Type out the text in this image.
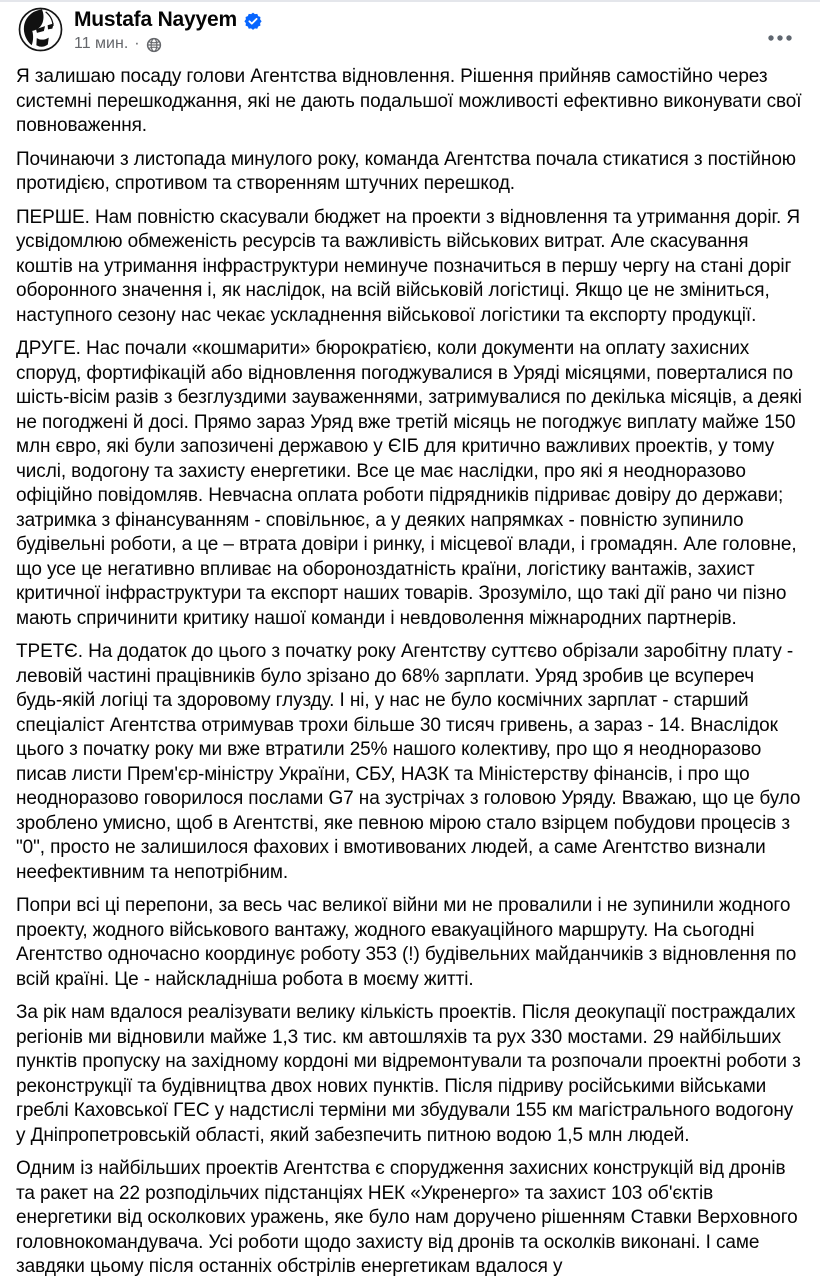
Mustafa Nayyem
11 мин. ·

Я залишаю посаду голови Агентства відновлення. Рішення прийняв самостійно через системні перешкоджання, які не дають подальшої можливості ефективно виконувати свої повноваження.

Починаючи з листопада минулого року, команда Агентства почала стикатися з постійною протидією, спротивом та створенням штучних перешкод.

ПЕРШЕ. Нам повністю скасували бюджет на проекти з відновлення та утримання доріг. Я усвідомлюю обмеженість ресурсів та важливість військових витрат. Але скасування коштів на утримання інфраструктури неминуче позначиться в першу чергу на стані доріг оборонного значення і, як наслідок, на всій військовій логістиці. Якщо це не зміниться, наступного сезону нас чекає ускладнення військової логістики та експорту продукції.

ДРУГЕ. Нас почали «кошмарити» бюрократією, коли документи на оплату захисних споруд, фортифікацій або відновлення погоджувалися в Уряді місяцями, поверталися по шість-вісім разів з безглуздими зауваженнями, затримувалися по декілька місяців, а деякі не погоджені й досі. Прямо зараз Уряд вже третій місяць не погоджує виплату майже 150 млн євро, які були запозичені державою у ЄІБ для критично важливих проектів, у тому числі, водогону та захисту енергетики. Все це має наслідки, про які я неодноразово офіційно повідомляв. Невчасна оплата роботи підрядників підриває довіру до держави; затримка з фінансуванням - сповільнює, а у деяких напрямках - повністю зупинило будівельні роботи, а це – втрата довіри і ринку, і місцевої влади, і громадян. Але головне, що усе це негативно впливає на обороноздатність країни, логістику вантажів, захист критичної інфраструктури та експорт наших товарів. Зрозуміло, що такі дії рано чи пізно мають спричинити критику нашої команди і невдоволення міжнародних партнерів.

ТРЕТЄ. На додаток до цього з початку року Агентству суттєво обрізали заробітну плату - левовій частині працівників було зрізано до 68% зарплати. Уряд зробив це всупереч будь-якій логіці та здоровому глузду. І ні, у нас не було космічних зарплат - старший спеціаліст Агентства отримував трохи більше 30 тисяч гривень, а зараз - 14. Внаслідок цього з початку року ми вже втратили 25% нашого колективу, про що я неодноразово писав листи Прем'єр-міністру України, СБУ, НАЗК та Міністерству фінансів, і про що неодноразово говорилося послами G7 на зустрічах з головою Уряду. Вважаю, що це було зроблено умисно, щоб в Агентстві, яке певною мірою стало взірцем побудови процесів з "0", просто не залишилося фахових і вмотивованих людей, а саме Агентство визнали неефективним та непотрібним.

Попри всі ці перепони, за весь час великої війни ми не провалили і не зупинили жодного проекту, жодного військового вантажу, жодного евакуаційного маршруту. На сьогодні Агентство одночасно координує роботу 353 (!) будівельних майданчиків з відновлення по всій країні. Це - найскладніша робота в моєму житті.

За рік нам вдалося реалізувати велику кількість проектів. Після деокупації постраждалих регіонів ми відновили майже 1,3 тис. км автошляхів та рух 330 мостами. 29 найбільших пунктів пропуску на західному кордоні ми відремонтували та розпочали проектні роботи з реконструкції та будівництва двох нових пунктів. Після підриву російськими військами греблі Каховської ГЕС у надстислі терміни ми збудували 155 км магістрального водогону у Дніпропетровській області, який забезпечить питною водою 1,5 млн людей.

Одним із найбільших проектів Агентства є спорудження захисних конструкцій від дронів та ракет на 22 розподільчих підстанціях НЕК «Укренерго» та захист 103 об'єктів енергетики від осколкових уражень, яке було нам доручено рішенням Ставки Верховного головнокомандувача. Усі роботи щодо захисту від дронів та осколків виконані. І саме завдяки цьому після останніх обстрілів енергетикам вдалося у
